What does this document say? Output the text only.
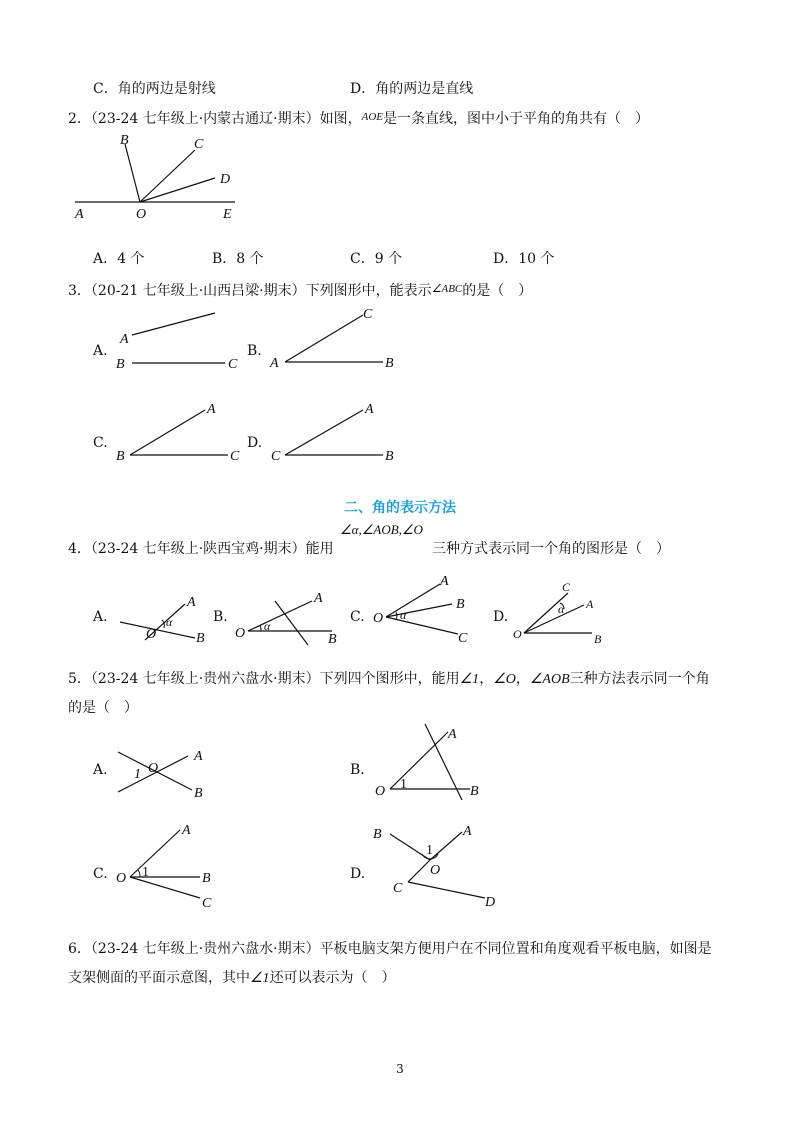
C．角的两边是射线	D．角的两边是直线
2．（23-24 七年级上·内蒙古通辽·期末）如图，$^{AOE}$是一条直线，图中小于平角的角共有（　）
B	C
D
A	O	E
A．4 个	B．8 个	C．9 个	D．10 个
3．（20-21 七年级上·山西吕梁·期末）下列图形中，能表示$^{\angle ABC}$的是（　）
A.
A
B	C
B.
C
A	B
C.
A
B	C
D.
A
C	B
二、角的表示方法
4．（23-24 七年级上·陕西宝鸡·期末）能用
∠α,∠AOB,∠O
三种方式表示同一个角的图形是（　）
A.
A
O
α
B
B.
A
O α
B
C.
A
B
O α
C
D.
C
α A
O	B
5．（23-24 七年级上·贵州六盘水·期末）下列四个图形中，能用∠1，∠O，∠AOB三种方法表示同一个角
的是（　）
A. 1 O
A
B
B.
A
O 1	B
C.
A
O 1	B
C
D.
B	A
1
O
C
D
6．（23-24 七年级上·贵州六盘水·期末）平板电脑支架方便用户在不同位置和角度观看平板电脑，如图是
支架侧面的平面示意图，其中∠1还可以表示为（　）
3
